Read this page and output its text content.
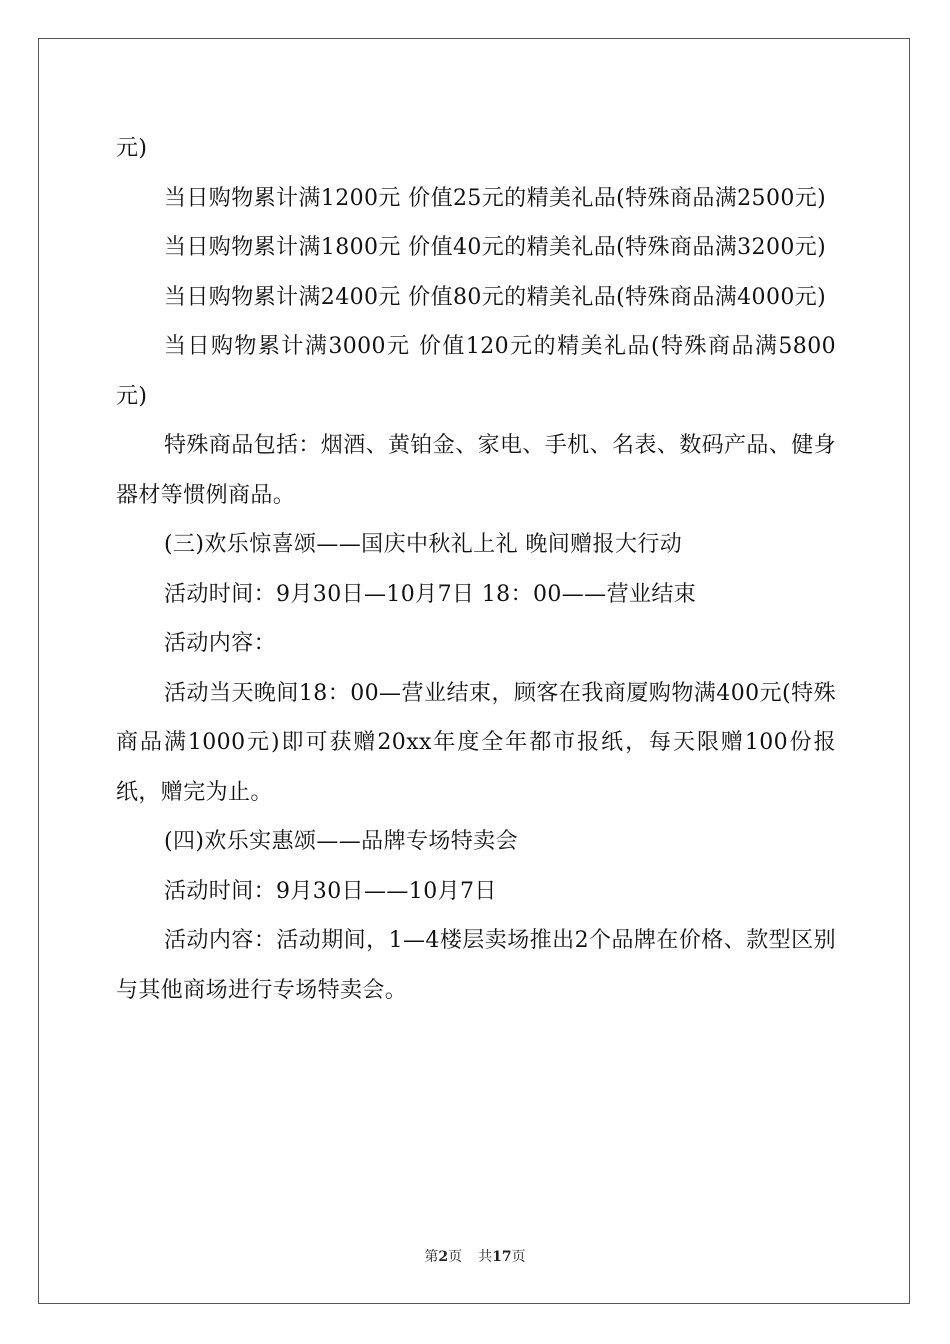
元)

当日购物累计满1200元 价值25元的精美礼品(特殊商品满2500元)

当日购物累计满1800元 价值40元的精美礼品(特殊商品满3200元)

当日购物累计满2400元 价值80元的精美礼品(特殊商品满4000元)

当日购物累计满3000元 价值120元的精美礼品(特殊商品满5800元)

特殊商品包括：烟酒、黄铂金、家电、手机、名表、数码产品、健身器材等惯例商品。

(三)欢乐惊喜颂——国庆中秋礼上礼 晚间赠报大行动

活动时间：9月30日—10月7日 18：00——营业结束

活动内容：

活动当天晚间18：00—营业结束，顾客在我商厦购物满400元(特殊商品满1000元)即可获赠20xx年度全年都市报纸，每天限赠100份报纸，赠完为止。

(四)欢乐实惠颂——品牌专场特卖会

活动时间：9月30日——10月7日

活动内容：活动期间，1—4楼层卖场推出2个品牌在价格、款型区别与其他商场进行专场特卖会。

第2页 共17页
